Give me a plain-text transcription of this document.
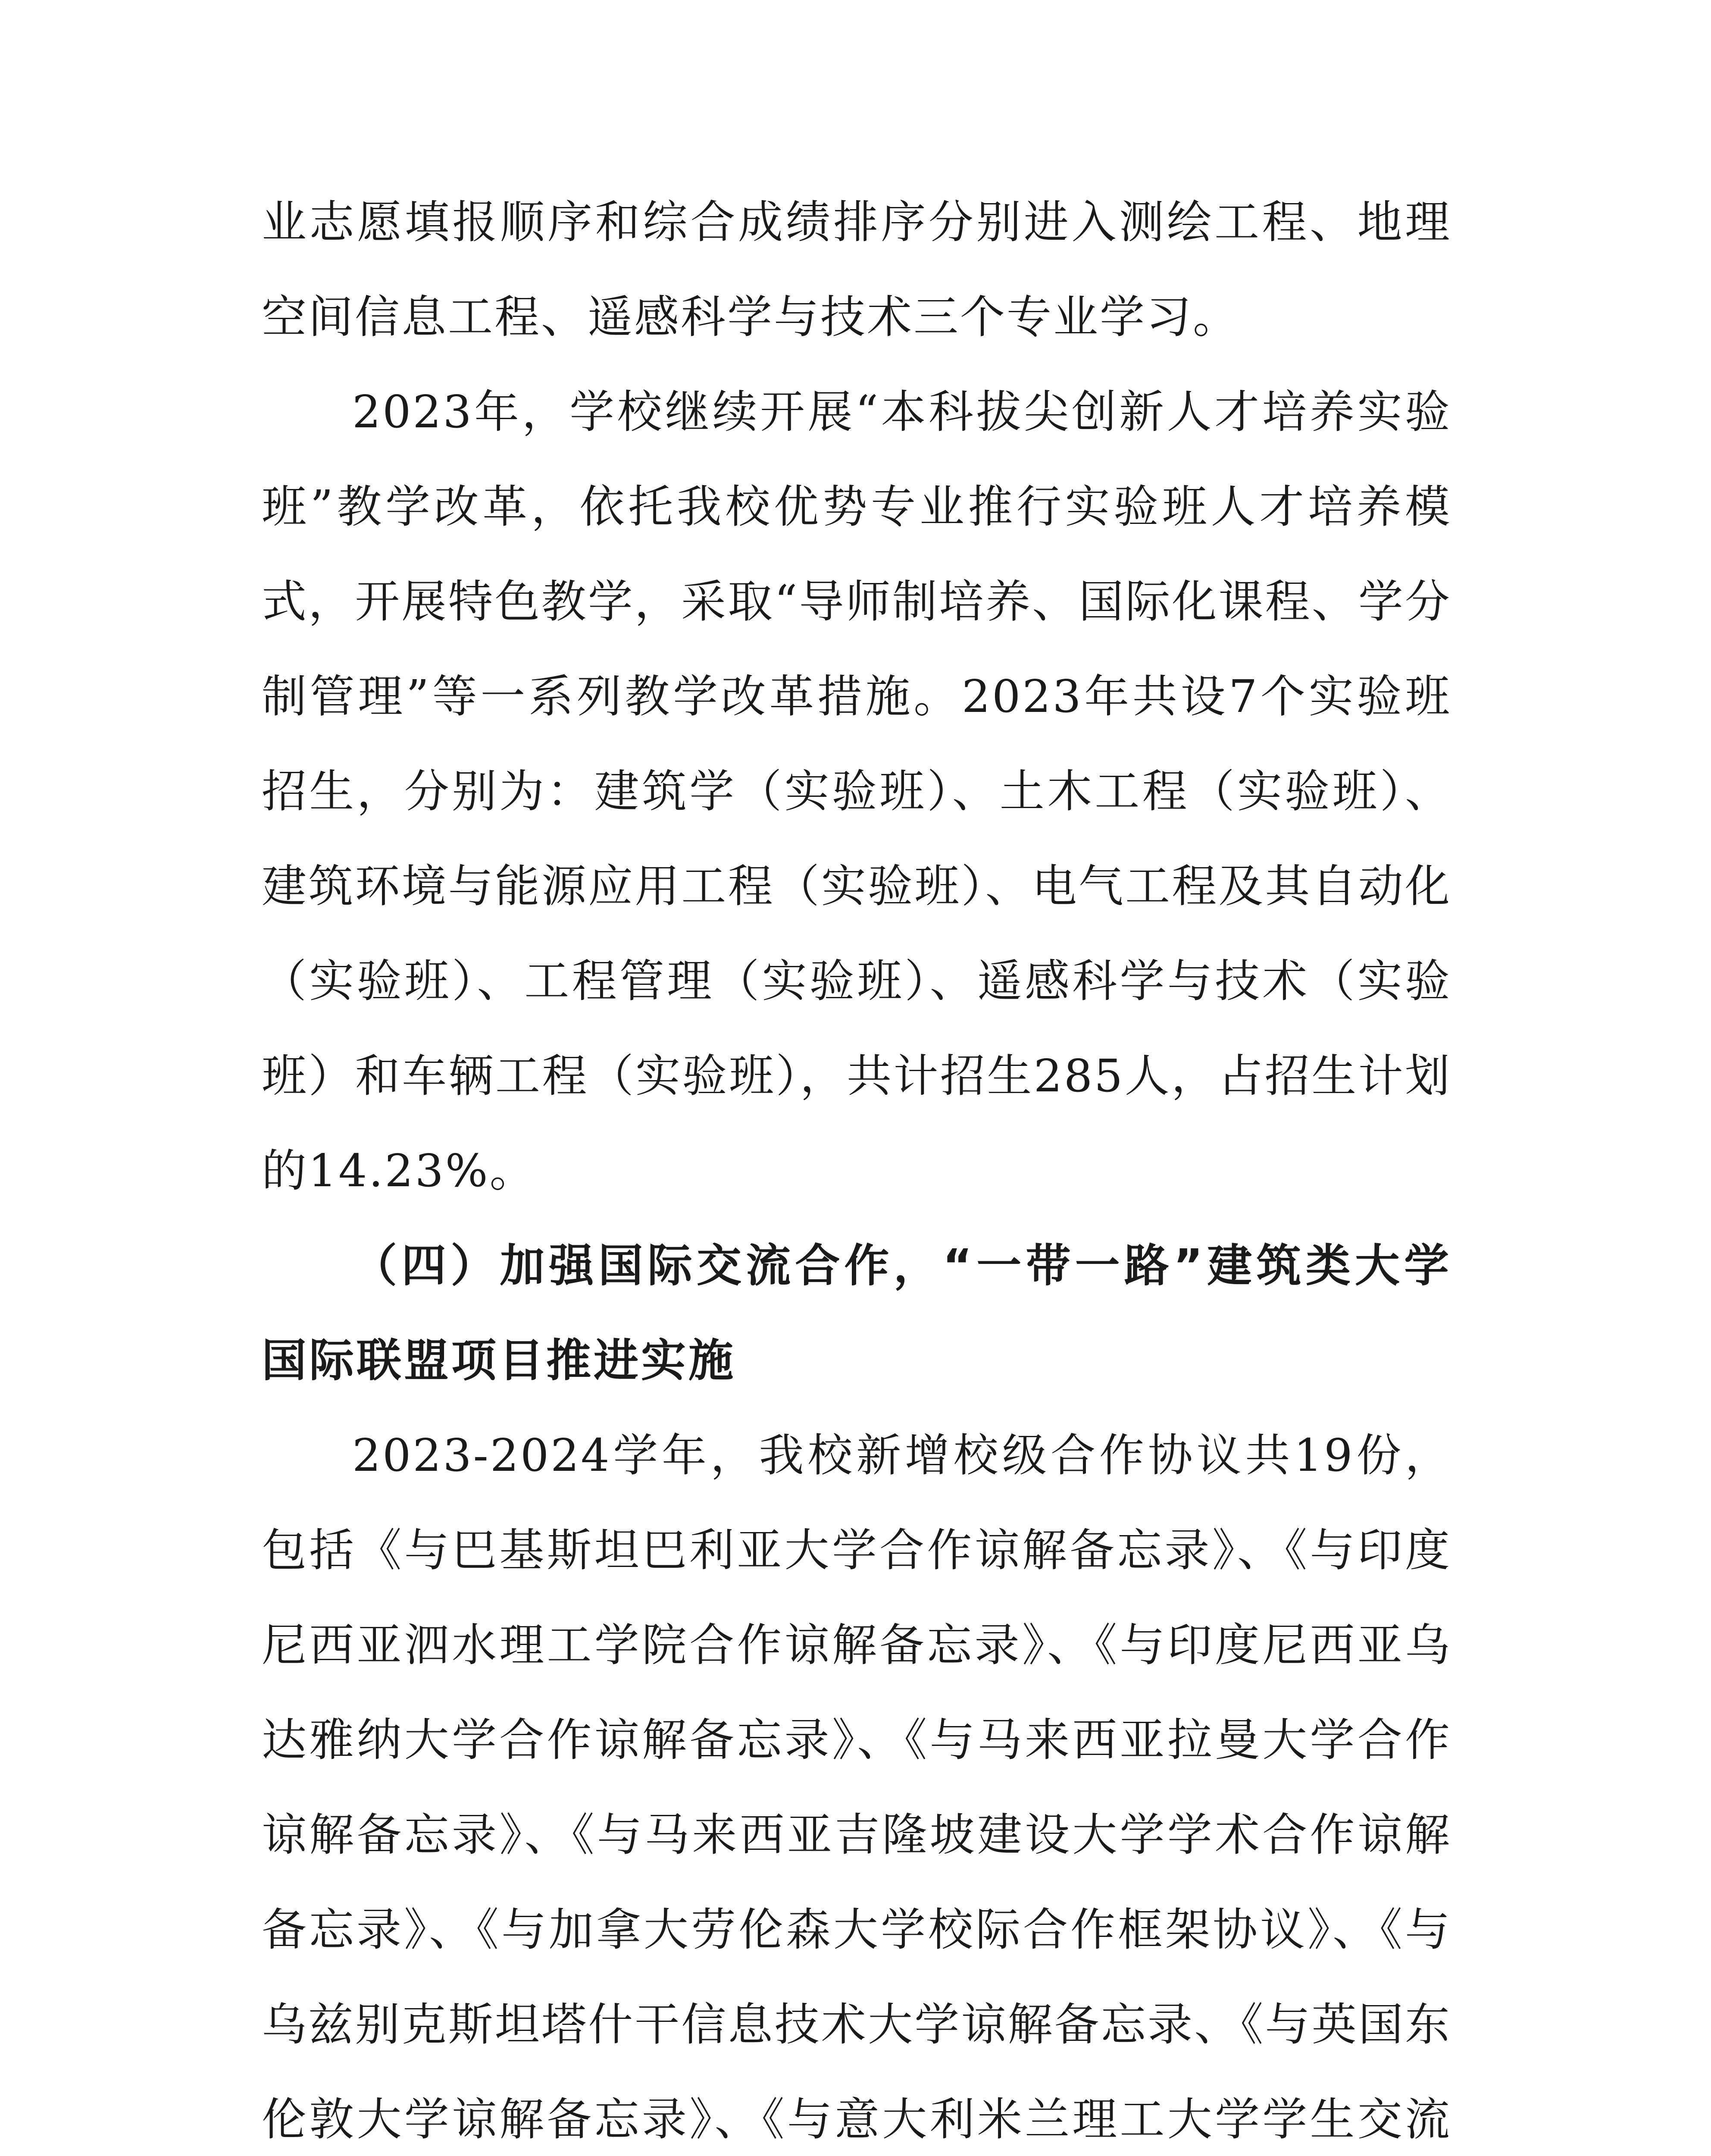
业志愿填报顺序和综合成绩排序分别进入测绘工程、地理空间信息工程、遥感科学与技术三个专业学习。

2023年，学校继续开展“本科拔尖创新人才培养实验班”教学改革，依托我校优势专业推行实验班人才培养模式，开展特色教学，采取“导师制培养、国际化课程、学分制管理”等一系列教学改革措施。2023年共设7个实验班招生，分别为：建筑学（实验班）、土木工程（实验班）、建筑环境与能源应用工程（实验班）、电气工程及其自动化（实验班）、工程管理（实验班）、遥感科学与技术（实验班）和车辆工程（实验班），共计招生285人，占招生计划的14.23%。

（四）加强国际交流合作，“一带一路”建筑类大学国际联盟项目推进实施

2023-2024学年，我校新增校级合作协议共19份，包括《与巴基斯坦巴利亚大学合作谅解备忘录》、《与印度尼西亚泗水理工学院合作谅解备忘录》、《与印度尼西亚乌达雅纳大学合作谅解备忘录》、《与马来西亚拉曼大学合作谅解备忘录》、《与马来西亚吉隆坡建设大学学术合作谅解备忘录》、《与加拿大劳伦森大学校际合作框架协议》、《与乌兹别克斯坦塔什干信息技术大学谅解备忘录、《与英国东伦敦大学谅解备忘录》、《与意大利米兰理工大学学生交流
